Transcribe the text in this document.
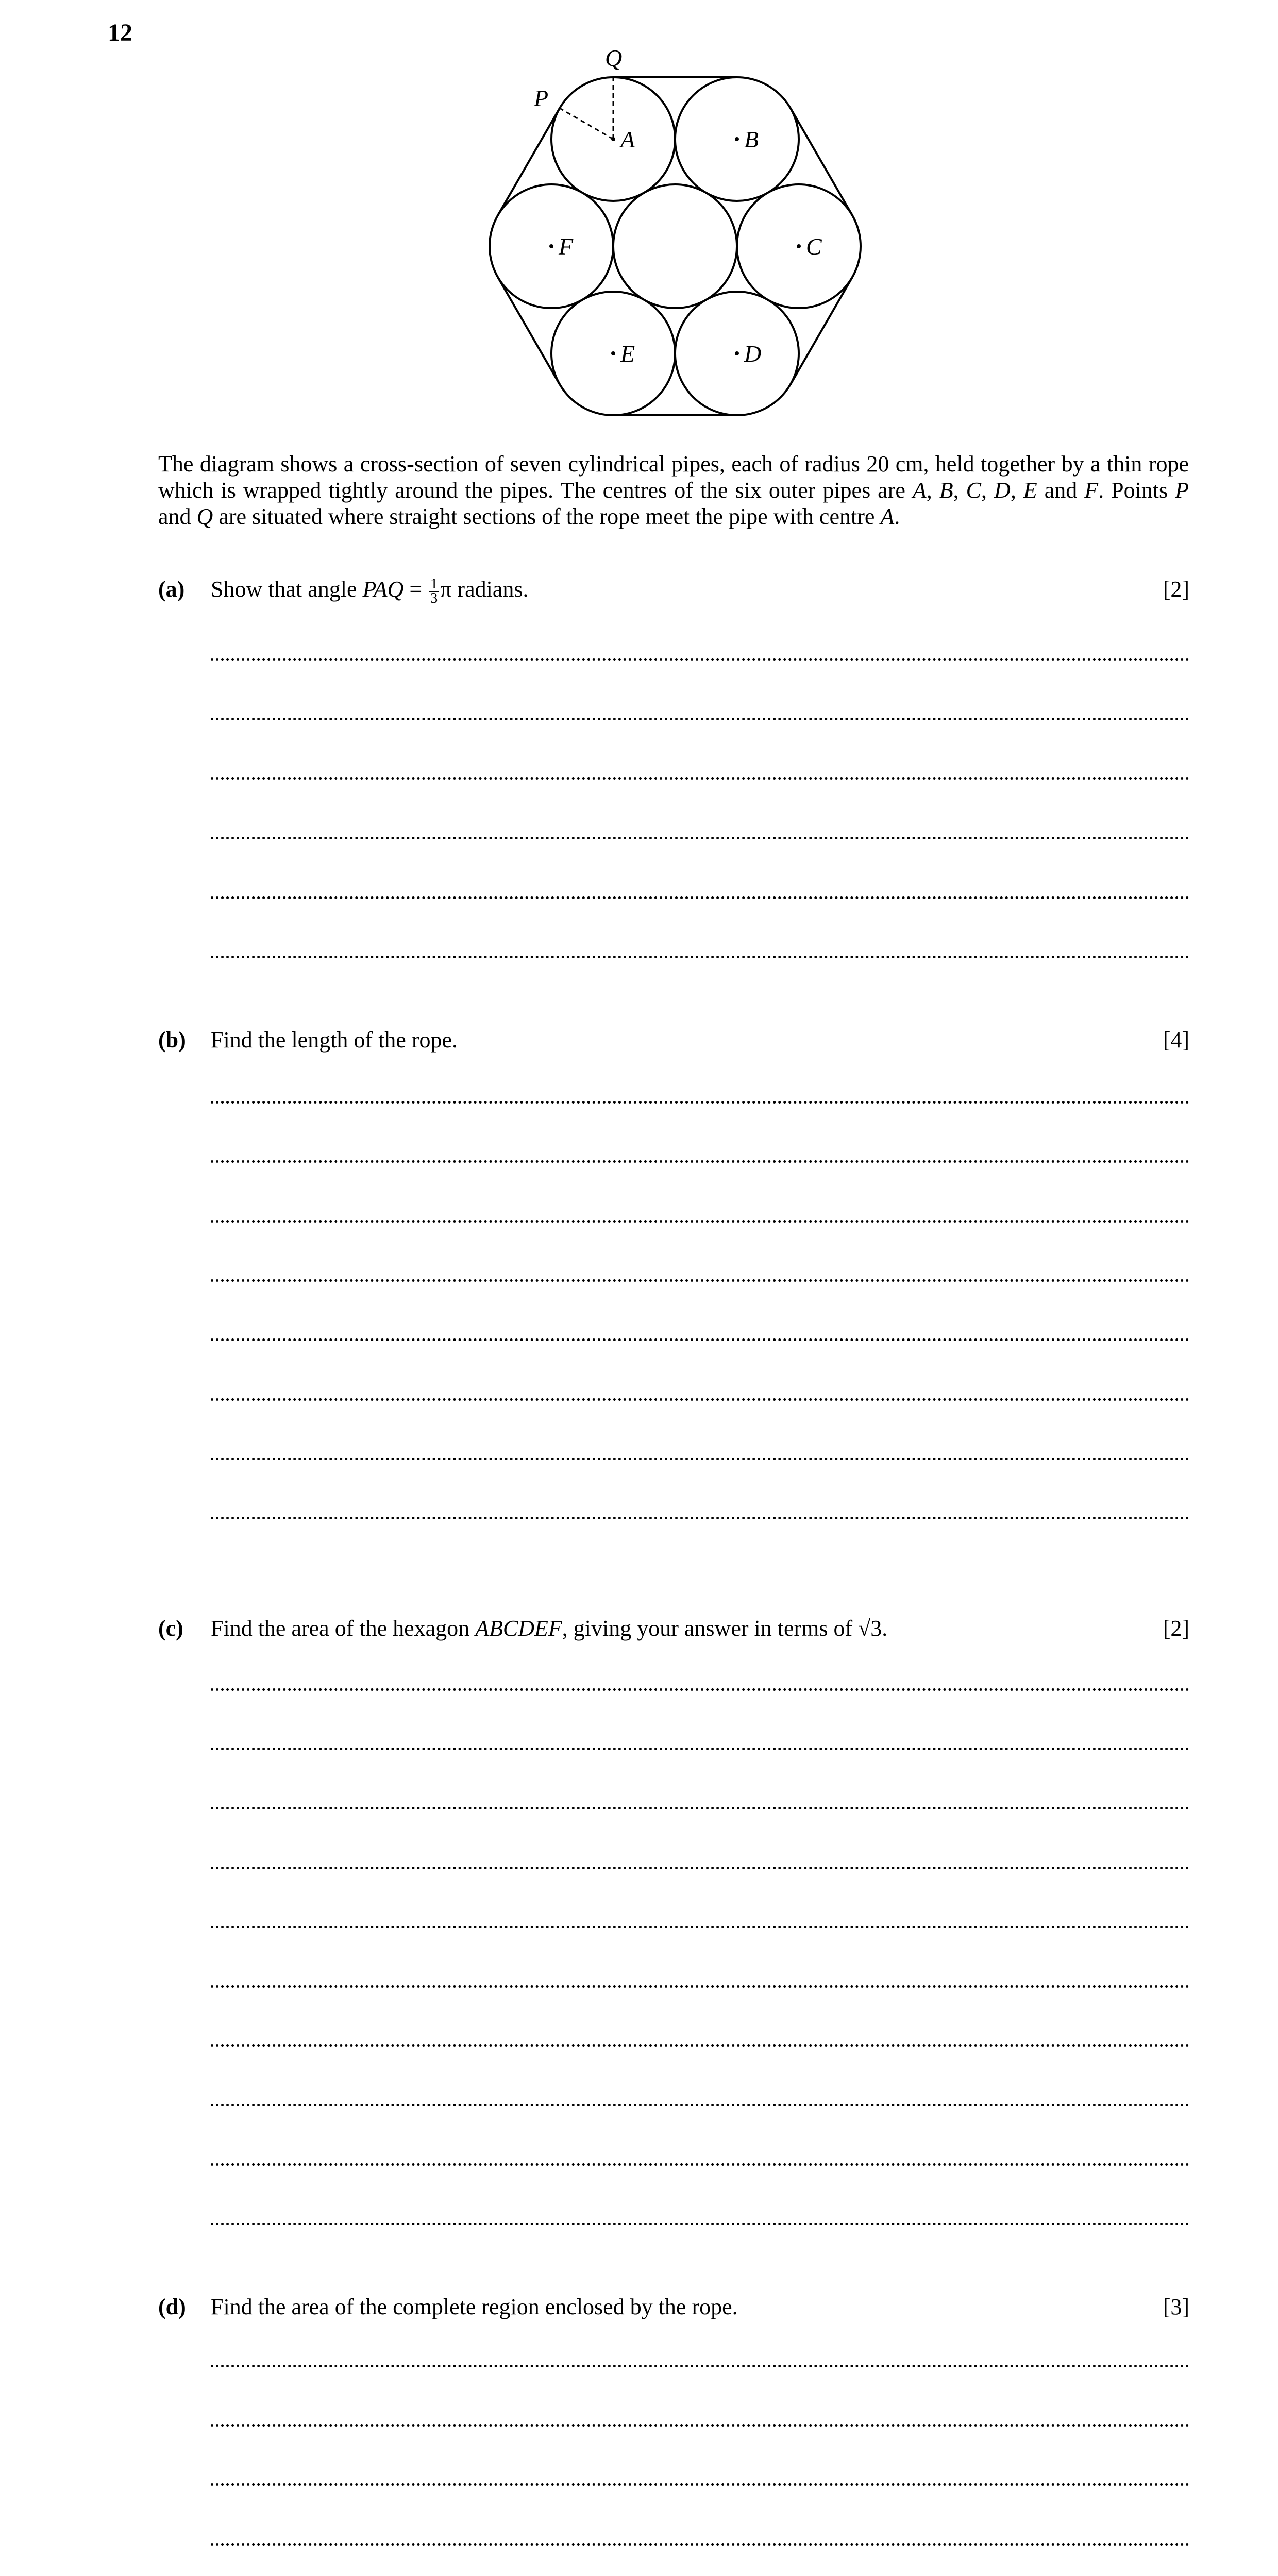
12
Q
P
A	B
C
F
E	D
The diagram shows a cross-section of seven cylindrical pipes, each of radius 20 cm, held together by a thin rope which is wrapped tightly around the pipes. The centres of the six outer pipes are A, B, C, D, E and F. Points P and Q are situated where straight sections of the rope meet the pipe with centre A.
(a) Show that angle PAQ = $\frac{1}{3}$ π radians.	[2]
(b) Find the length of the rope.	[4]
(c) Find the area of the hexagon ABCDEF, giving your answer in terms of √3.	[2]
(d) Find the area of the complete region enclosed by the rope.	[3]
